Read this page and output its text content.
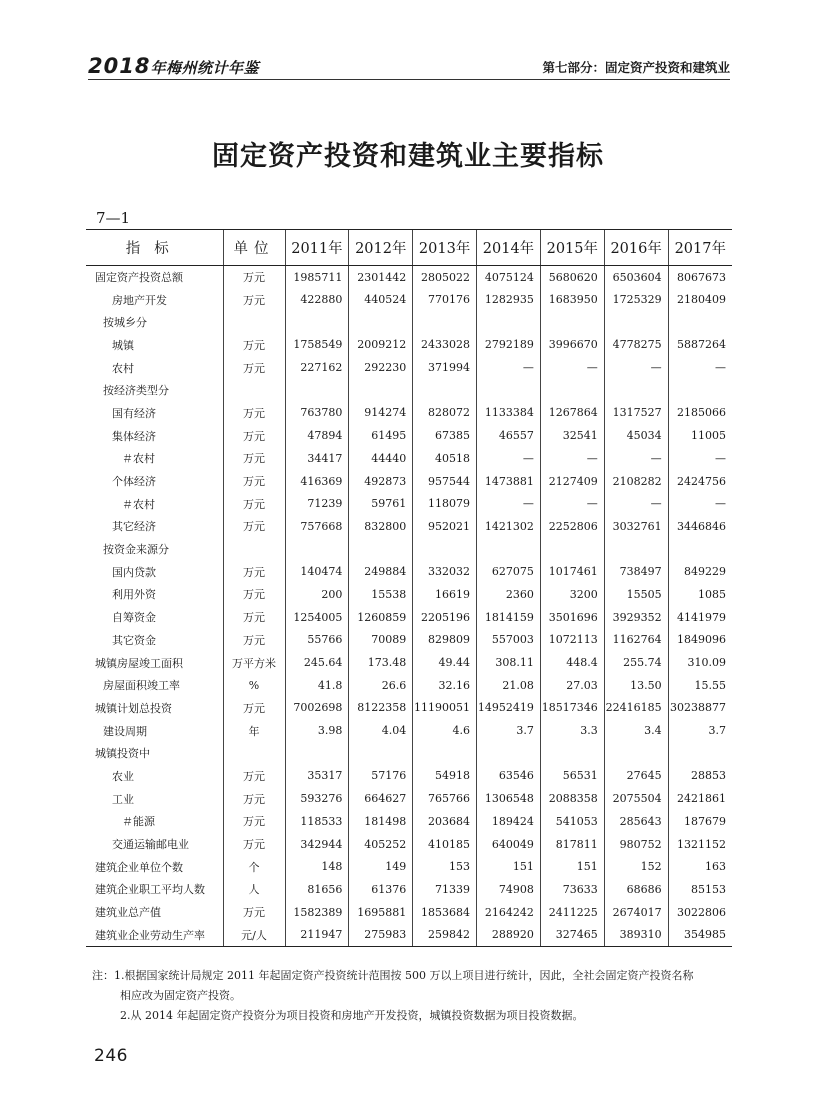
2018年梅州统计年鉴	第七部分：固定资产投资和建筑业
固定资产投资和建筑业主要指标
7—1
指标	单位	2011年	2012年	2013年	2014年	2015年	2016年	2017年
固定资产投资总额	万元	1985711	2301442	2805022	4075124	5680620	6503604	8067673
房地产开发	万元	422880	440524	770176	1282935	1683950	1725329	2180409
按城乡分								
城镇	万元	1758549	2009212	2433028	2792189	3996670	4778275	5887264
农村	万元	227162	292230	371994	—	—	—	—
按经济类型分								
国有经济	万元	763780	914274	828072	1133384	1267864	1317527	2185066
集体经济	万元	47894	61495	67385	46557	32541	45034	11005
＃农村	万元	34417	44440	40518	—	—	—	—
个体经济	万元	416369	492873	957544	1473881	2127409	2108282	2424756
＃农村	万元	71239	59761	118079	—	—	—	—
其它经济	万元	757668	832800	952021	1421302	2252806	3032761	3446846
按资金来源分								
国内贷款	万元	140474	249884	332032	627075	1017461	738497	849229
利用外资	万元	200	15538	16619	2360	3200	15505	1085
自筹资金	万元	1254005	1260859	2205196	1814159	3501696	3929352	4141979
其它资金	万元	55766	70089	829809	557003	1072113	1162764	1849096
城镇房屋竣工面积	万平方米	245.64	173.48	49.44	308.11	448.4	255.74	310.09
房屋面积竣工率	%	41.8	26.6	32.16	21.08	27.03	13.50	15.55
城镇计划总投资	万元	7002698	8122358	11190051	14952419	18517346	22416185	30238877
建设周期	年	3.98	4.04	4.6	3.7	3.3	3.4	3.7
城镇投资中								
农业	万元	35317	57176	54918	63546	56531	27645	28853
工业	万元	593276	664627	765766	1306548	2088358	2075504	2421861
＃能源	万元	118533	181498	203684	189424	541053	285643	187679
交通运输邮电业	万元	342944	405252	410185	640049	817811	980752	1321152
建筑企业单位个数	个	148	149	153	151	151	152	163
建筑企业职工平均人数	人	81656	61376	71339	74908	73633	68686	85153
建筑业总产值	万元	1582389	1695881	1853684	2164242	2411225	2674017	3022806
建筑业企业劳动生产率	元/人	211947	275983	259842	288920	327465	389310	354985
注：1.根据国家统计局规定 2011 年起固定资产投资统计范围按 500 万以上项目进行统计，因此，全社会固定资产投资名称
相应改为固定资产投资。
2.从 2014 年起固定资产投资分为项目投资和房地产开发投资，城镇投资数据为项目投资数据。
246
